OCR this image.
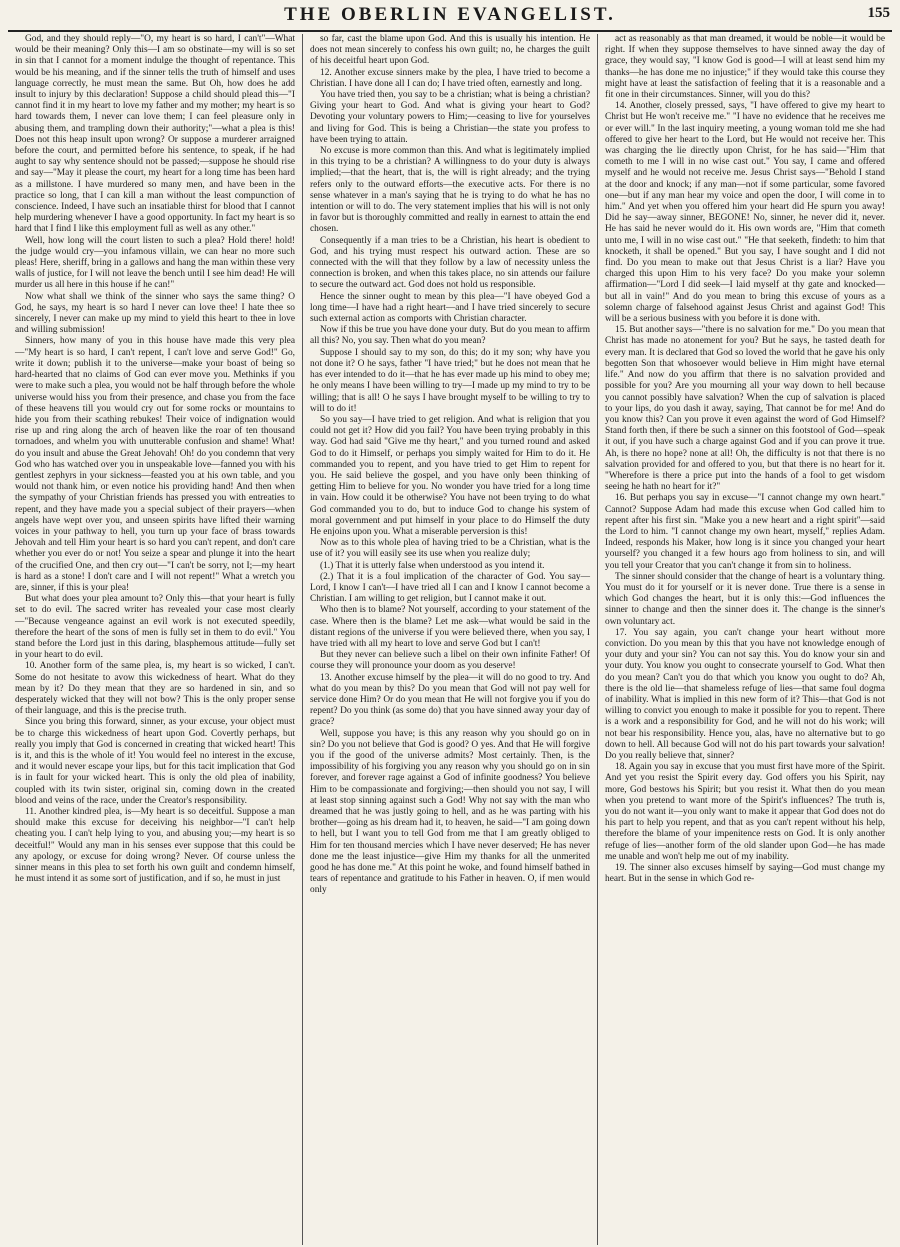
THE OBERLIN EVANGELIST.	155

God, and they should reply—"O, my heart is so hard, I can't"—What would be their meaning? Only this—I am so obstinate—my will is so set in sin that I cannot for a moment indulge the thought of repentance. This would be his meaning, and if the sinner tells the truth of himself and uses language correctly, he must mean the same. But Oh, how does he add insult to injury by this declaration! Suppose a child should plead this—"I cannot find it in my heart to love my father and my mother; my heart is so hard towards them, I never can love them; I can feel pleasure only in abusing them, and trampling down their authority;"—what a plea is this! Does not this heap insult upon wrong? Or suppose a murderer arraigned before the court, and permitted before his sentence, to speak, if he had aught to say why sentence should not be passed;—suppose he should rise and say—"May it please the court, my heart for a long time has been hard as a millstone. I have murdered so many men, and have been in the practice so long, that I can kill a man without the least compunction of conscience. Indeed, I have such an insatiable thirst for blood that I cannot help murdering whenever I have a good opportunity. In fact my heart is so hard that I find I like this employment full as well as any other."

Well, how long will the court listen to such a plea? Hold there! hold! the judge would cry—you infamous villain, we can hear no more such pleas! Here, sheriff, bring in a gallows and hang the man within these very walls of justice, for I will not leave the bench until I see him dead! He will murder us all here in this house if he can!"

Now what shall we think of the sinner who says the same thing? O God, he says, my heart is so hard I never can love thee! I hate thee so sincerely, I never can make up my mind to yield this heart to thee in love and willing submission!

Sinners, how many of you in this house have made this very plea—"My heart is so hard, I can't repent, I can't love and serve God!" Go, write it down; publish it to the universe—make your boast of being so hard-hearted that no claims of God can ever move you. Methinks if you were to make such a plea, you would not be half through before the whole universe would hiss you from their presence, and chase you from the face of these heavens till you would cry out for some rocks or mountains to hide you from their scathing rebukes! Their voice of indignation would rise up and ring along the arch of heaven like the roar of ten thousand tornadoes, and whelm you with unutterable confusion and shame! What! do you insult and abuse the Great Jehovah! Oh! do you condemn that very God who has watched over you in unspeakable love—fanned you with his gentlest zephyrs in your sickness—feasted you at his own table, and you would not thank him, or even notice his providing hand! And then when the sympathy of your Christian friends has pressed you with entreaties to repent, and they have made you a special subject of their prayers—when angels have wept over you, and unseen spirits have lifted their warning voices in your pathway to hell, you turn up your face of brass towards Jehovah and tell Him your heart is so hard you can't repent, and don't care whether you ever do or not! You seize a spear and plunge it into the heart of the crucified One, and then cry out—"I can't be sorry, not I;—my heart is hard as a stone! I don't care and I will not repent!" What a wretch you are, sinner, if this is your plea!

But what does your plea amount to? Only this—that your heart is fully set to do evil. The sacred writer has revealed your case most clearly—"Because vengeance against an evil work is not executed speedily, therefore the heart of the sons of men is fully set in them to do evil." You stand before the Lord just in this daring, blasphemous attitude—fully set in your heart to do evil.

10. Another form of the same plea, is, my heart is so wicked, I can't. Some do not hesitate to avow this wickedness of heart. What do they mean by it? Do they mean that they are so hardened in sin, and so desperately wicked that they will not bow? This is the only proper sense of their language, and this is the precise truth.

Since you bring this forward, sinner, as your excuse, your object must be to charge this wickedness of heart upon God. Covertly perhaps, but really you imply that God is concerned in creating that wicked heart! This is it, and this is the whole of it! You would feel no interest in the excuse, and it would never escape your lips, but for this tacit implication that God is in fault for your wicked heart. This is only the old plea of inability, coupled with its twin sister, original sin, coming down in the created blood and veins of the race, under the Creator's responsibility.

11. Another kindred plea, is—My heart is so deceitful. Suppose a man should make this excuse for deceiving his neighbor—"I can't help cheating you. I can't help lying to you, and abusing you;—my heart is so deceitful!" Would any man in his senses ever suppose that this could be any apology, or excuse for doing wrong? Never. Of course unless the sinner means in this plea to set forth his own guilt and condemn himself, he must intend it as some sort of justification, and if so, he must in just

so far, cast the blame upon God. And this is usually his intention. He does not mean sincerely to confess his own guilt; no, he charges the guilt of his deceitful heart upon God.

12. Another excuse sinners make by the plea, I have tried to become a Christian. I have done all I can do; I have tried often, earnestly and long.

You have tried then, you say to be a christian; what is being a christian? Giving your heart to God. And what is giving your heart to God? Devoting your voluntary powers to Him;—ceasing to live for yourselves and living for God. This is being a Christian—the state you profess to have been trying to attain.

No excuse is more common than this. And what is legitimately implied in this trying to be a christian? A willingness to do your duty is always implied;—that the heart, that is, the will is right already; and the trying refers only to the outward efforts—the executive acts. For there is no sense whatever in a man's saying that he is trying to do what he has no intention or will to do. The very statement implies that his will is not only in favor but is thoroughly committed and really in earnest to attain the end chosen.

Consequently if a man tries to be a Christian, his heart is obedient to God, and his trying must respect his outward action. These are so connected with the will that they follow by a law of necessity unless the connection is broken, and when this takes place, no sin attends our failure to secure the outward act. God does not hold us responsible.

Hence the sinner ought to mean by this plea—"I have obeyed God a long time—I have had a right heart—and I have tried sincerely to secure such external action as comports with Christian character.

Now if this be true you have done your duty. But do you mean to affirm all this? No, you say. Then what do you mean?

Suppose I should say to my son, do this; do it my son; why have you not done it? O he says, father "I have tried;" but he does not mean that he has ever intended to do it—that he has ever made up his mind to obey me; he only means I have been willing to try—I made up my mind to try to be willing; that is all! O he says I have brought myself to be willing to try to will to do it!

So you say—I have tried to get religion. And what is religion that you could not get it? How did you fail? You have been trying probably in this way. God had said "Give me thy heart," and you turned round and asked God to do it Himself, or perhaps you simply waited for Him to do it. He commanded you to repent, and you have tried to get Him to repent for you. He said believe the gospel, and you have only been thinking of getting Him to believe for you. No wonder you have tried for a long time in vain. How could it be otherwise? You have not been trying to do what God commanded you to do, but to induce God to change his system of moral government and put himself in your place to do Himself the duty He enjoins upon you. What a miserable perversion is this!

Now as to this whole plea of having tried to be a Christian, what is the use of it? you will easily see its use when you realize duly;

(1.) That it is utterly false when understood as you intend it.

(2.) That it is a foul implication of the character of God. You say—Lord, I know I can't—I have tried all I can and I know I cannot become a Christian. I am willing to get religion, but I cannot make it out.

Who then is to blame? Not yourself, according to your statement of the case. Where then is the blame? Let me ask—what would be said in the distant regions of the universe if you were believed there, when you say, I have tried with all my heart to love and serve God but I can't!

But they never can believe such a libel on their own infinite Father! Of course they will pronounce your doom as you deserve!

13. Another excuse himself by the plea—it will do no good to try. And what do you mean by this? Do you mean that God will not pay well for service done Him? Or do you mean that He will not forgive you if you do repent? Do you think (as some do) that you have sinned away your day of grace?

Well, suppose you have; is this any reason why you should go on in sin? Do you not believe that God is good? O yes. And that He will forgive you if the good of the universe admits? Most certainly. Then, is the impossibility of his forgiving you any reason why you should go on in sin forever, and forever rage against a God of infinite goodness? You believe Him to be compassionate and forgiving;—then should you not say, I will at least stop sinning against such a God! Why not say with the man who dreamed that he was justly going to hell, and as he was parting with his brother—going as his dream had it, to heaven, he said—"I am going down to hell, but I want you to tell God from me that I am greatly obliged to Him for ten thousand mercies which I have never deserved; He has never done me the least injustice—give Him my thanks for all the unmerited good he has done me." At this point he woke, and found himself bathed in tears of repentance and gratitude to his Father in heaven. O, if men would only

act as reasonably as that man dreamed, it would be noble—it would be right. If when they suppose themselves to have sinned away the day of grace, they would say, "I know God is good—I will at least send him my thanks—he has done me no injustice;" if they would take this course they might have at least the satisfaction of feeling that it is a reasonable and a fit one in their circumstances. Sinner, will you do this?

14. Another, closely pressed, says, "I have offered to give my heart to Christ but He won't receive me." "I have no evidence that he receives me or ever will." In the last inquiry meeting, a young woman told me she had offered to give her heart to the Lord, but He would not receive her. This was charging the lie directly upon Christ, for he has said—"Him that cometh to me I will in no wise cast out." You say, I came and offered myself and he would not receive me. Jesus Christ says—"Behold I stand at the door and knock; if any man—not if some particular, some favored one—but if any man hear my voice and open the door, I will come in to him." And yet when you offered him your heart did He spurn you away! Did he say—away sinner, BEGONE! No, sinner, he never did it, never. He has said he never would do it. His own words are, "Him that cometh unto me, I will in no wise cast out." "He that seeketh, findeth: to him that knocketh, it shall be opened." But you say, I have sought and I did not find. Do you mean to make out that Jesus Christ is a liar? Have you charged this upon Him to his very face? Do you make your solemn affirmation—"Lord I did seek—I laid myself at thy gate and knocked—but all in vain!" And do you mean to bring this excuse of yours as a solemn charge of falsehood against Jesus Christ and against God! This will be a serious business with you before it is done with.

15. But another says—"there is no salvation for me." Do you mean that Christ has made no atonement for you? But he says, he tasted death for every man. It is declared that God so loved the world that he gave his only begotten Son that whosoever would believe in Him might have eternal life." And now do you affirm that there is no salvation provided and possible for you? Are you mourning all your way down to hell because you cannot possibly have salvation? When the cup of salvation is placed to your lips, do you dash it away, saying, That cannot be for me! And do you know this? Can you prove it even against the word of God Himself? Stand forth then, if there be such a sinner on this footstool of God—speak it out, if you have such a charge against God and if you can prove it true. Ah, is there no hope? none at all! Oh, the difficulty is not that there is no salvation provided for and offered to you, but that there is no heart for it. "Wherefore is there a price put into the hands of a fool to get wisdom seeing he hath no heart for it?"

16. But perhaps you say in excuse—"I cannot change my own heart." Cannot? Suppose Adam had made this excuse when God called him to repent after his first sin. "Make you a new heart and a right spirit"—said the Lord to him. "I cannot change my own heart, myself," replies Adam. Indeed, responds his Maker, how long is it since you changed your heart yourself? you changed it a few hours ago from holiness to sin, and will you tell your Creator that you can't change it from sin to holiness.

The sinner should consider that the change of heart is a voluntary thing. You must do it for yourself or it is never done. True there is a sense in which God changes the heart, but it is only this:—God influences the sinner to change and then the sinner does it. The change is the sinner's own voluntary act.

17. You say again, you can't change your heart without more conviction. Do you mean by this that you have not knowledge enough of your duty and your sin? You can not say this. You do know your sin and your duty. You know you ought to consecrate yourself to God. What then do you mean? Can't you do that which you know you ought to do? Ah, there is the old lie—that shameless refuge of lies—that same foul dogma of inability. What is implied in this new form of it? This—that God is not willing to convict you enough to make it possible for you to repent. There is a work and a responsibility for God, and he will not do his work; will not bear his responsibility. Hence you, alas, have no alternative but to go down to hell. All because God will not do his part towards your salvation! Do you really believe that, sinner?

18. Again you say in excuse that you must first have more of the Spirit. And yet you resist the Spirit every day. God offers you his Spirit, nay more, God bestows his Spirit; but you resist it. What then do you mean when you pretend to want more of the Spirit's influences? The truth is, you do not want it—you only want to make it appear that God does not do his part to help you repent, and that as you can't repent without his help, therefore the blame of your impenitence rests on God. It is only another refuge of lies—another form of the old slander upon God—he has made me unable and won't help me out of my inability.

19. The sinner also excuses himself by saying—God must change my heart. But in the sense in which God re-
